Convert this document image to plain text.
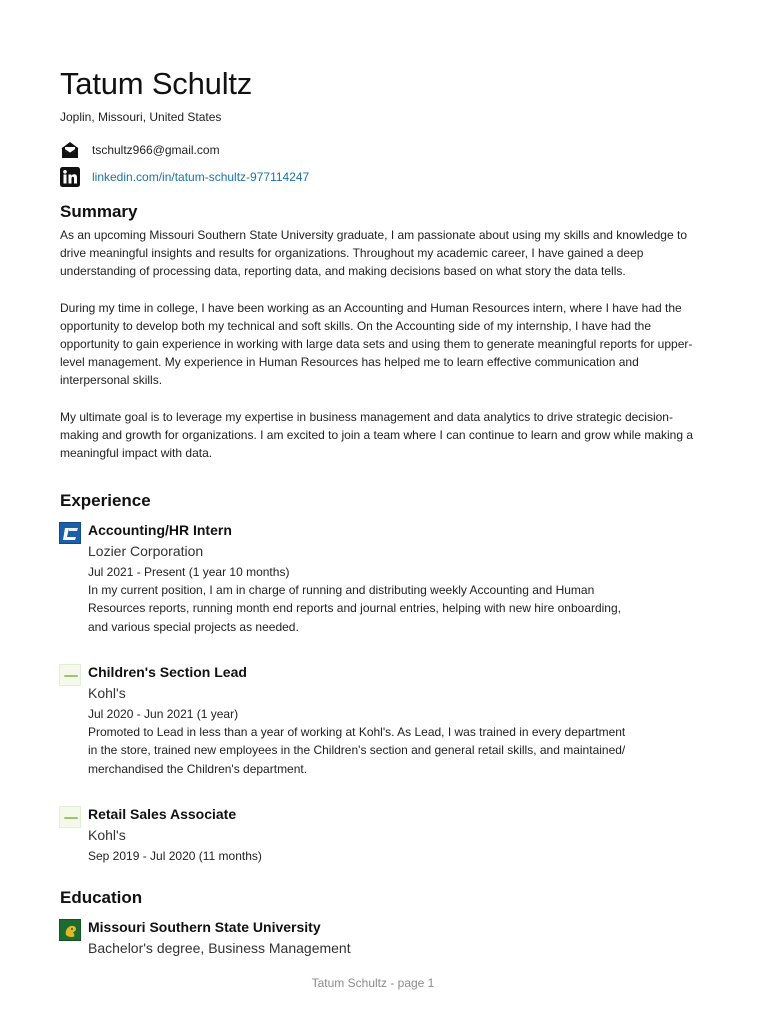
Tatum Schultz
Joplin, Missouri, United States
tschultz966@gmail.com
linkedin.com/in/tatum-schultz-977114247
Summary

As an upcoming Missouri Southern State University graduate, I am passionate about using my skills and knowledge to drive meaningful insights and results for organizations. Throughout my academic career, I have gained a deep understanding of processing data, reporting data, and making decisions based on what story the data tells.

During my time in college, I have been working as an Accounting and Human Resources intern, where I have had the opportunity to develop both my technical and soft skills. On the Accounting side of my internship, I have had the opportunity to gain experience in working with large data sets and using them to generate meaningful reports for upper-level management. My experience in Human Resources has helped me to learn effective communication and interpersonal skills.

My ultimate goal is to leverage my expertise in business management and data analytics to drive strategic decision-making and growth for organizations. I am excited to join a team where I can continue to learn and grow while making a meaningful impact with data.

Experience
Accounting/HR Intern
Lozier Corporation
Jul 2021 - Present (1 year 10 months)
In my current position, I am in charge of running and distributing weekly Accounting and Human
Resources reports, running month end reports and journal entries, helping with new hire onboarding,
and various special projects as needed.
Children's Section Lead
Kohl's
Jul 2020 - Jun 2021 (1 year)
Promoted to Lead in less than a year of working at Kohl's. As Lead, I was trained in every department
in the store, trained new employees in the Children's section and general retail skills, and maintained/
merchandised the Children's department.
Retail Sales Associate
Kohl's
Sep 2019 - Jul 2020 (11 months)
Education
Missouri Southern State University
Bachelor's degree, Business Management
Tatum Schultz - page 1
